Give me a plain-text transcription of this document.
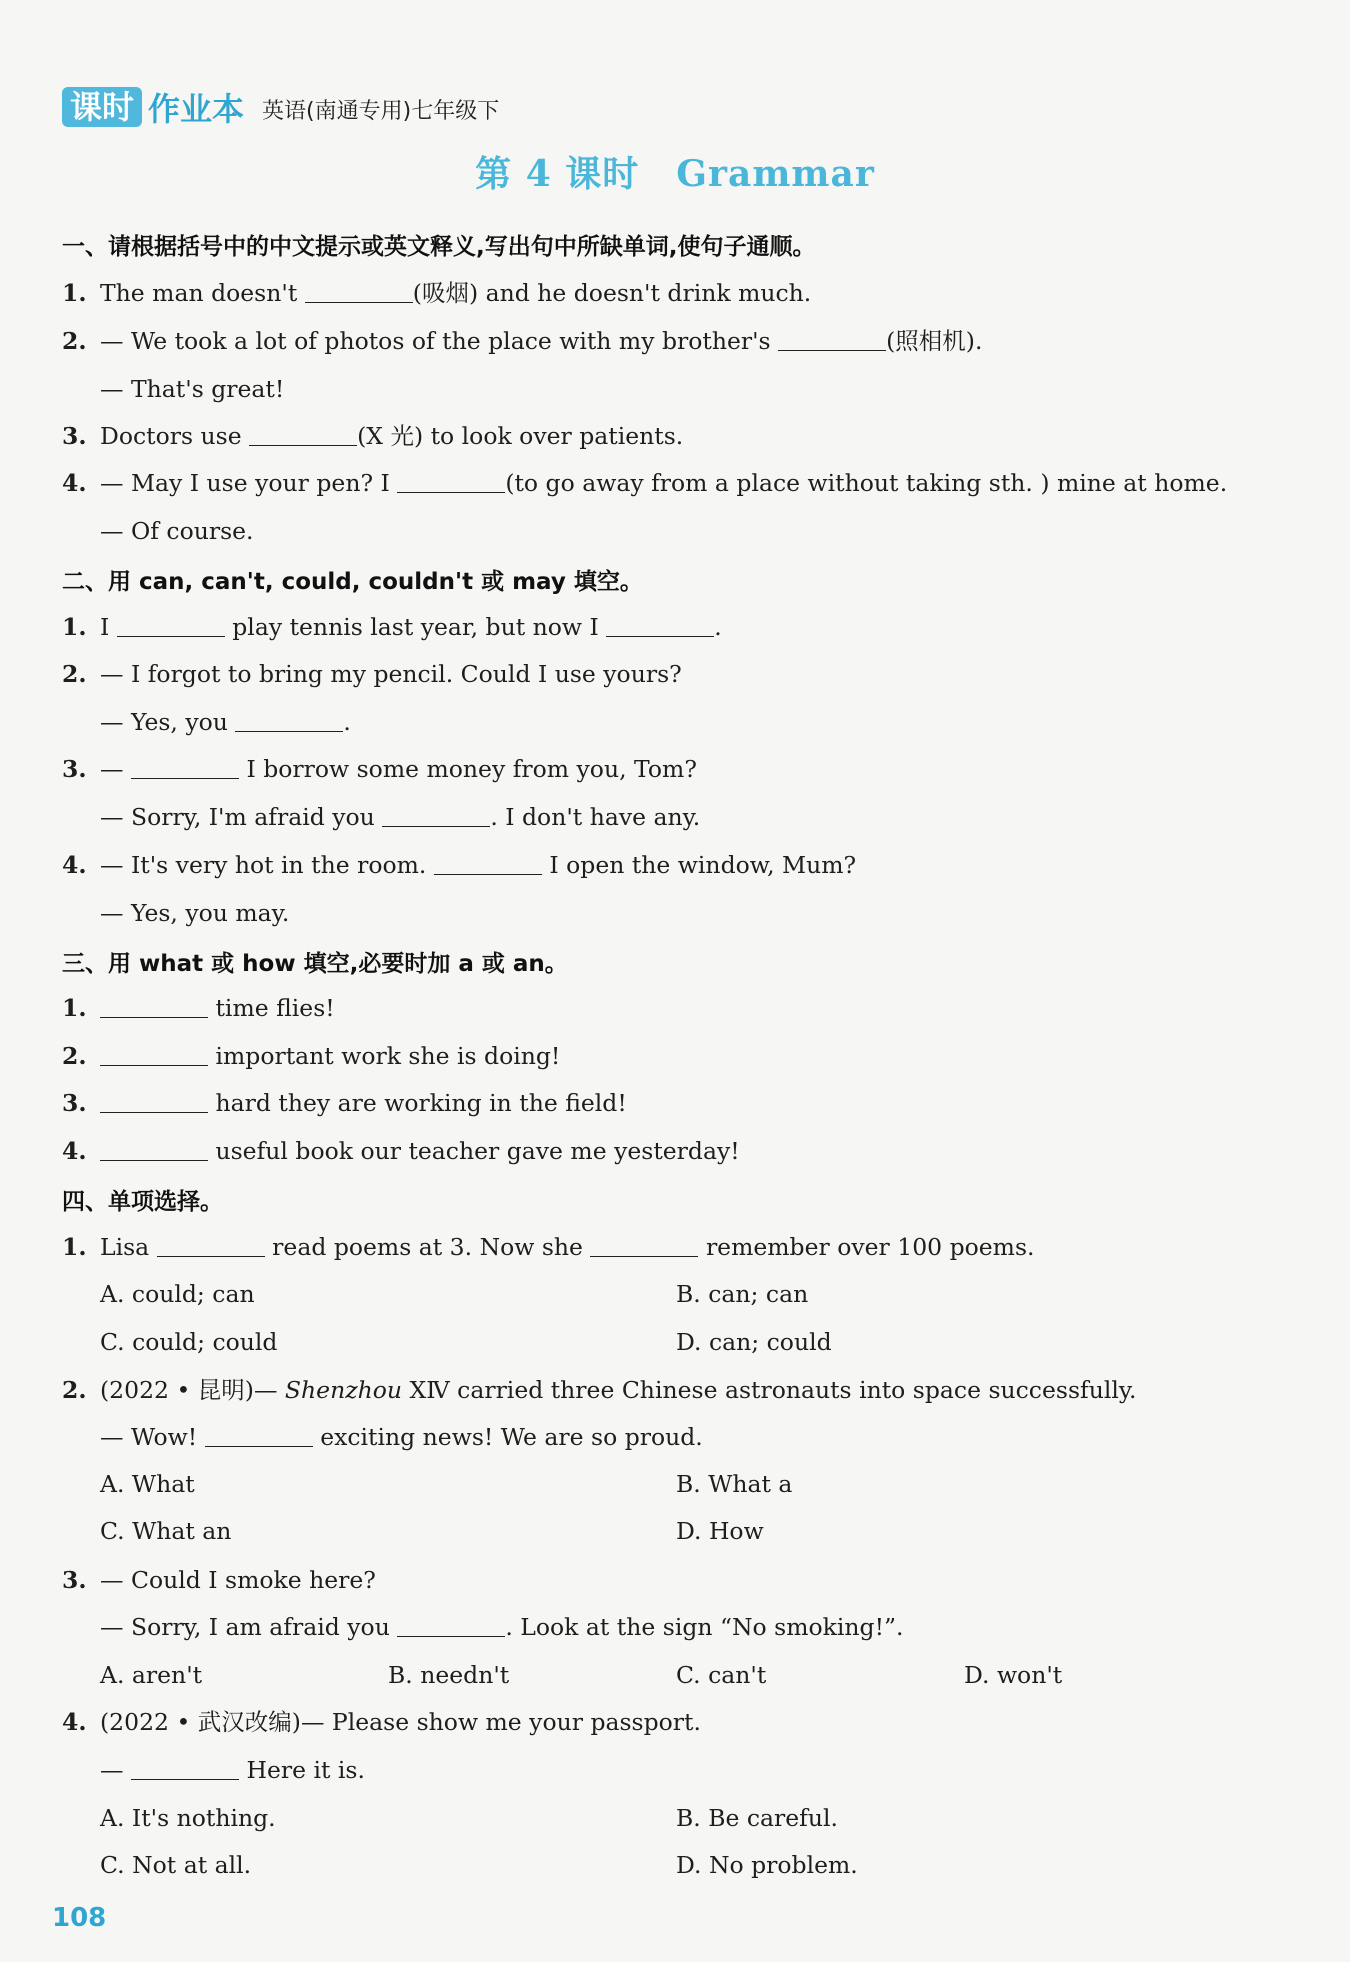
课时 作业本 英语(南通专用)七年级下
第 4 课时　Grammar
一、请根据括号中的中文提示或英文释义,写出句中所缺单词,使句子通顺。
1. The man doesn't	(吸烟) and he doesn't drink much.
2. — We took a lot of photos of the place with my brother's	(照相机).
— That's great!
3. Doctors use	(X 光) to look over patients.
4. — May I use your pen? I	(to go away from a place without taking sth. ) mine at home.
— Of course.
二、用 can, can't, could, couldn't 或 may 填空。
1. I	play tennis last year, but now I	.
2. — I forgot to bring my pencil. Could I use yours?
— Yes, you	.
3. —	I borrow some money from you, Tom?
— Sorry, I'm afraid you	. I don't have any.
4. — It's very hot in the room.	I open the window, Mum?
— Yes, you may.
三、用 what 或 how 填空,必要时加 a 或 an。
1.	time flies!
2.	important work she is doing!
3.	hard they are working in the field!
4.	useful book our teacher gave me yesterday!
四、单项选择。
1. Lisa	read poems at 3. Now she	remember over 100 poems.
A. could; can	B. can; can
C. could; could	D. can; could
2. (2022 • 昆明)— Shenzhou ⅩⅣ carried three Chinese astronauts into space successfully.
— Wow!	exciting news! We are so proud.
A. What	B. What a
C. What an	D. How
3. — Could I smoke here?
— Sorry, I am afraid you	. Look at the sign “No smoking!”.
A. aren't	B. needn't	C. can't	D. won't
4. (2022 • 武汉改编)— Please show me your passport.
—	Here it is.
A. It's nothing.	B. Be careful.
C. Not at all.	D. No problem.
108
